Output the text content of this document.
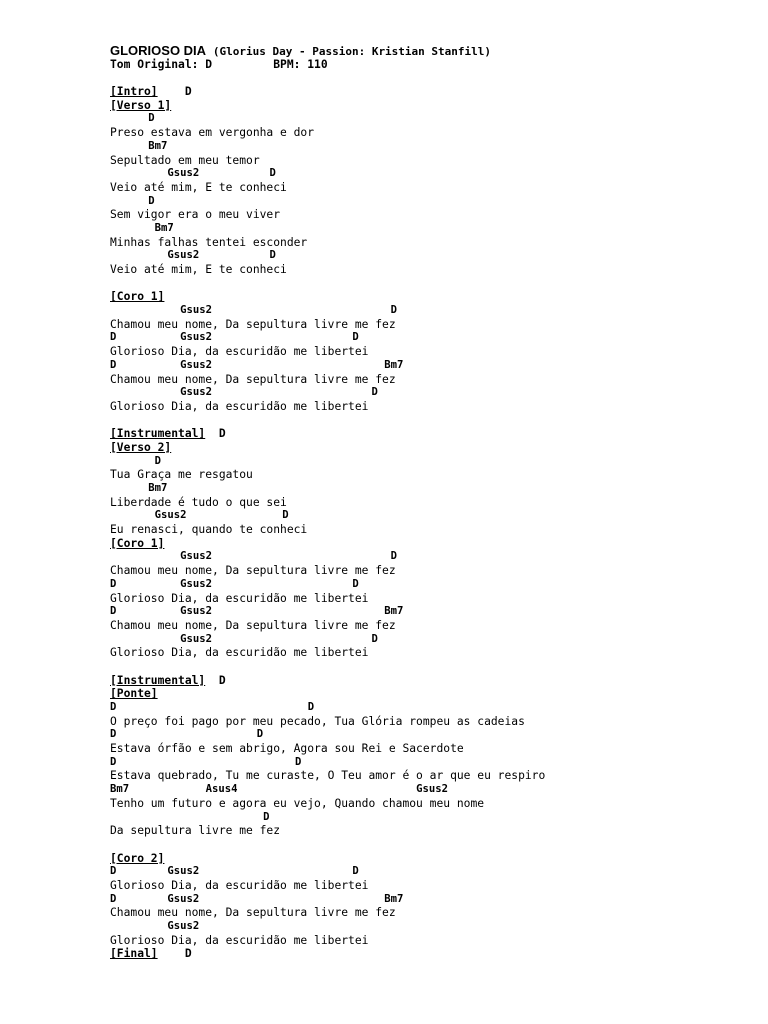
GLORIOSO DIA (Glorius Day - Passion: Kristian Stanfill)
Tom Original: D         BPM: 110
[Intro]    D
[Verso 1]
D
Preso estava em vergonha e dor
Bm7
Sepultado em meu temor
Gsus2           D
Veio até mim, E te conheci
D
Sem vigor era o meu viver
Bm7
Minhas falhas tentei esconder
Gsus2           D
Veio até mim, E te conheci
[Coro 1]
Gsus2                            D
Chamou meu nome, Da sepultura livre me fez
D          Gsus2                      D
Glorioso Dia, da escuridão me libertei
D          Gsus2                           Bm7
Chamou meu nome, Da sepultura livre me fez
Gsus2                         D
Glorioso Dia, da escuridão me libertei
[Instrumental]  D
[Verso 2]
D
Tua Graça me resgatou
Bm7
Liberdade é tudo o que sei
Gsus2               D
Eu renasci, quando te conheci
[Coro 1]
Gsus2                            D
Chamou meu nome, Da sepultura livre me fez
D          Gsus2                      D
Glorioso Dia, da escuridão me libertei
D          Gsus2                           Bm7
Chamou meu nome, Da sepultura livre me fez
Gsus2                         D
Glorioso Dia, da escuridão me libertei
[Instrumental]  D
[Ponte]
D                              D
O preço foi pago por meu pecado, Tua Glória rompeu as cadeias
D                      D
Estava órfão e sem abrigo, Agora sou Rei e Sacerdote
D                            D
Estava quebrado, Tu me curaste, O Teu amor é o ar que eu respiro
Bm7            Asus4                            Gsus2
Tenho um futuro e agora eu vejo, Quando chamou meu nome
D
Da sepultura livre me fez
[Coro 2]
D        Gsus2                        D
Glorioso Dia, da escuridão me libertei
D        Gsus2                             Bm7
Chamou meu nome, Da sepultura livre me fez
Gsus2
Glorioso Dia, da escuridão me libertei
[Final]    D
